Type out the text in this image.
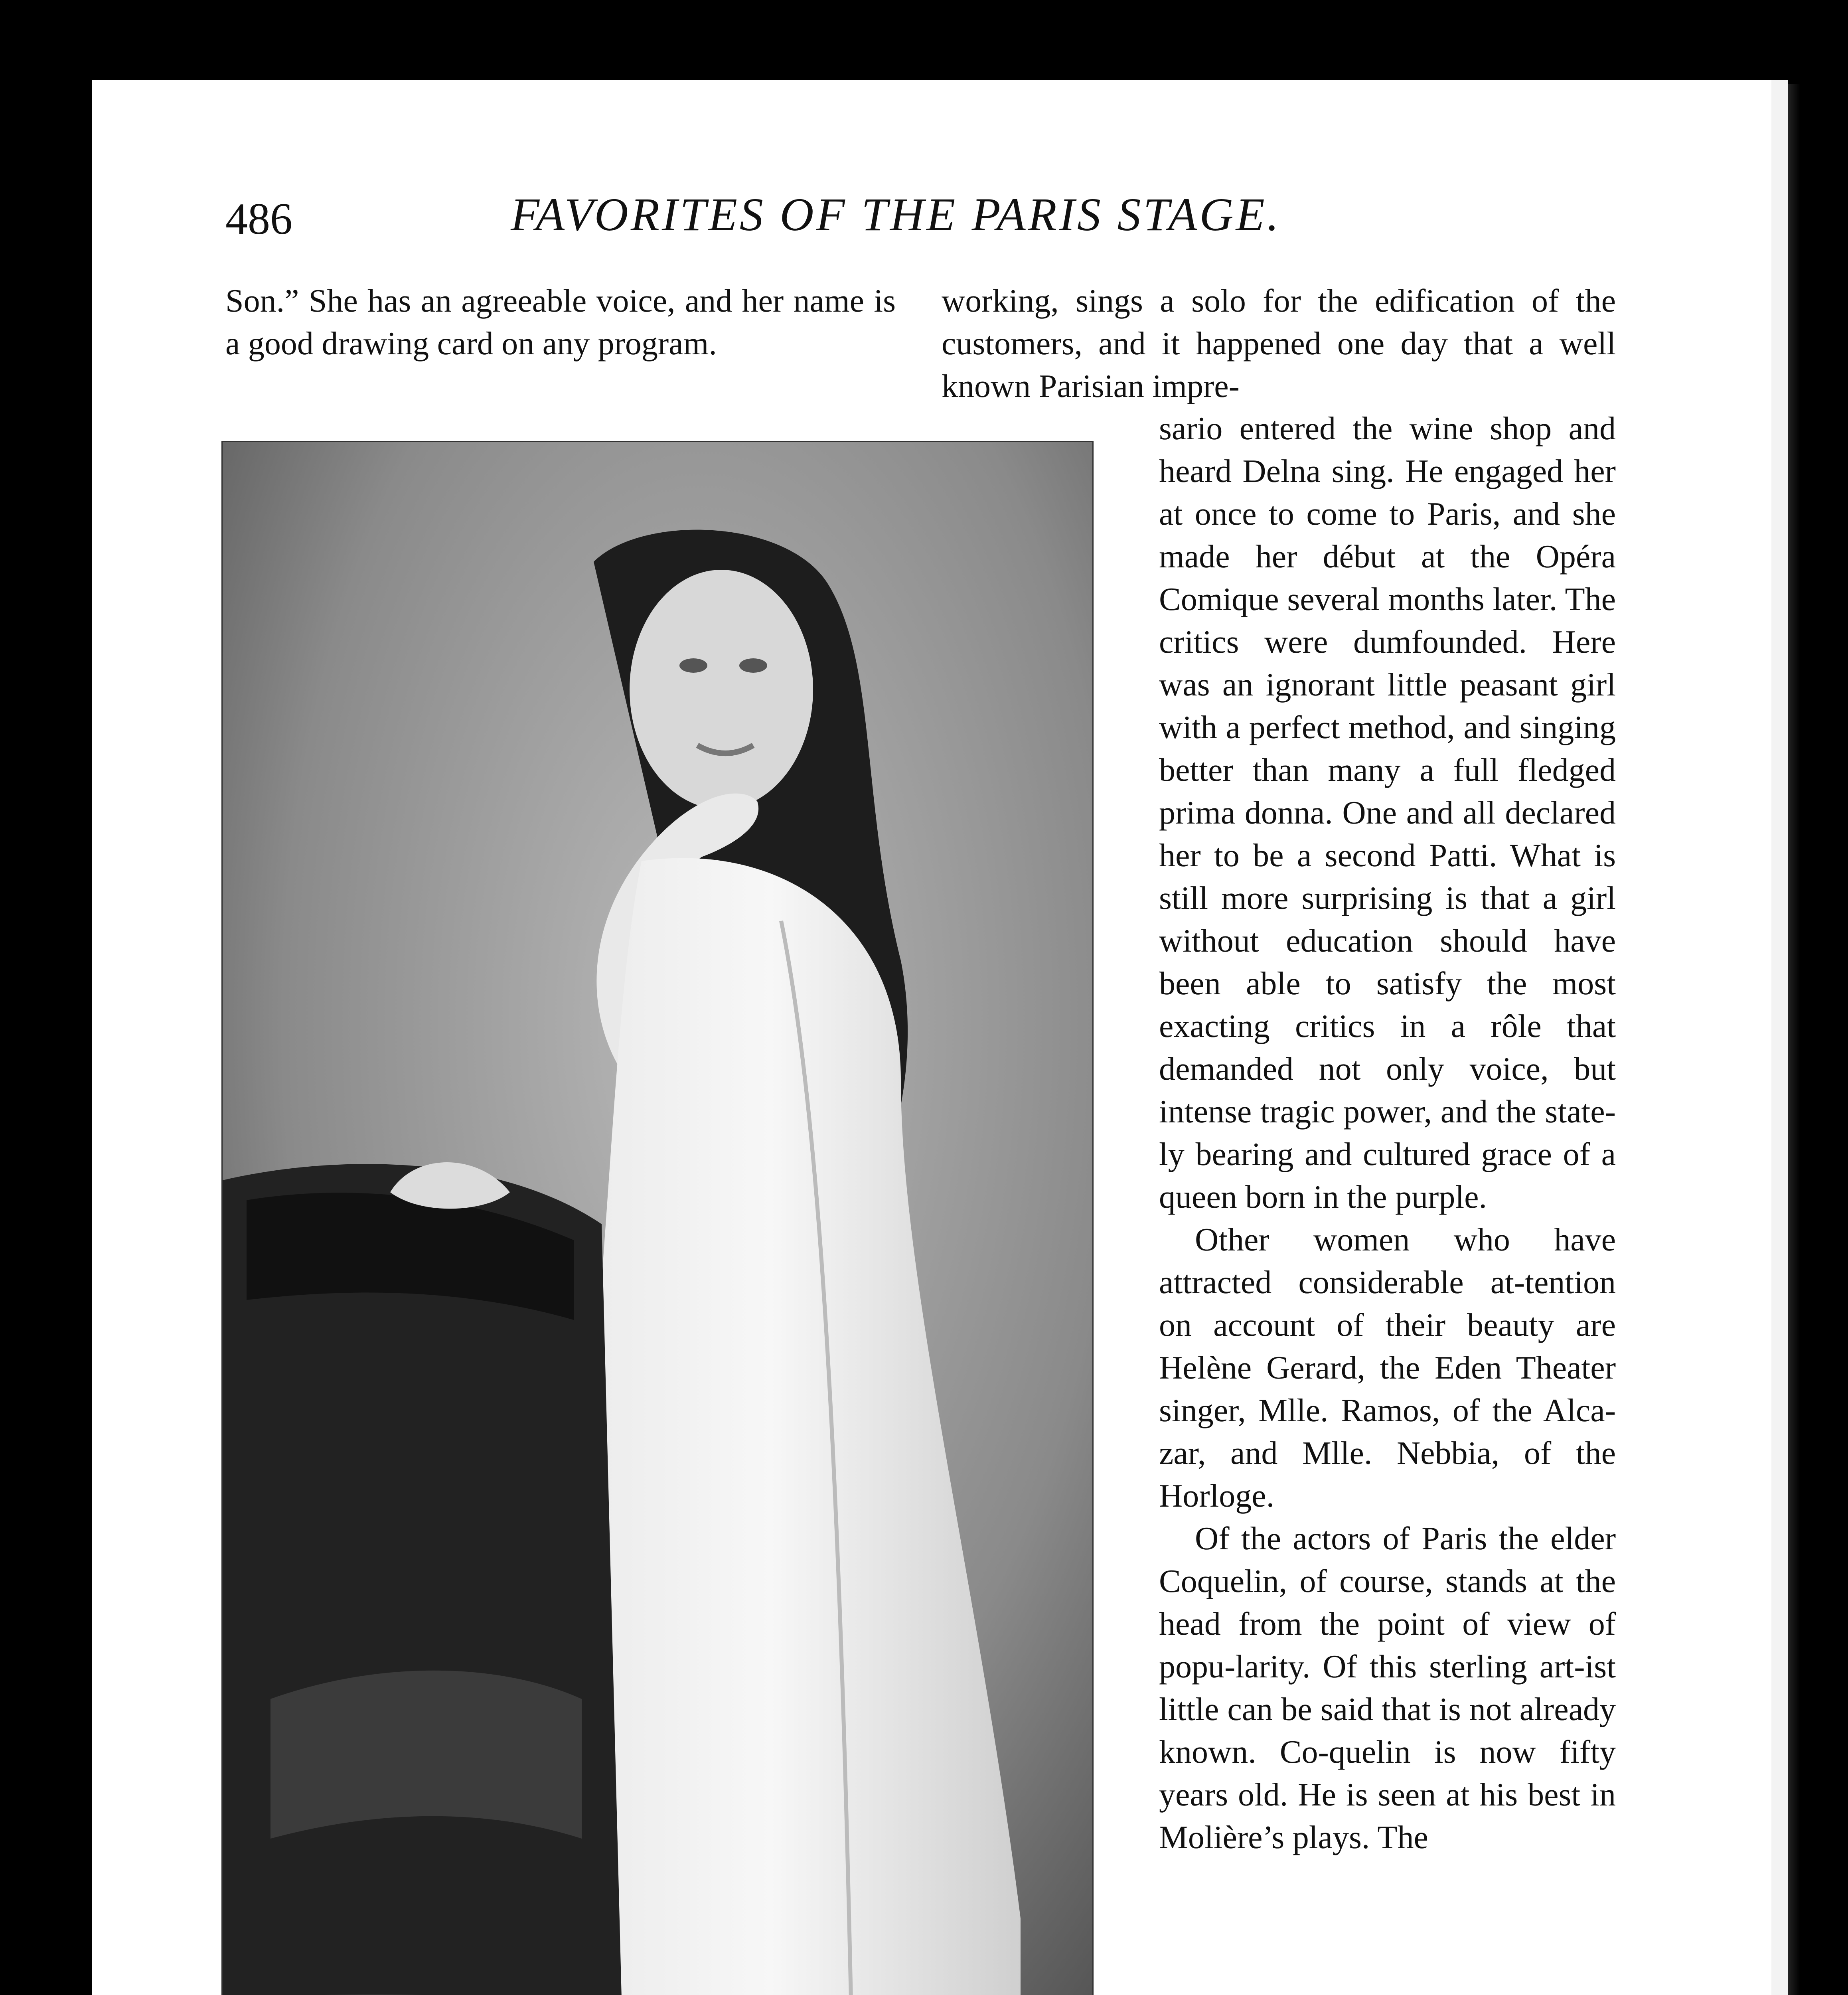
486	FAVORITES OF THE PARIS STAGE.

Son.” She has an agreeable voice, and her name is a good drawing card on any program.

working, sings a solo for the edification of the customers, and it happened one day that a well known Parisian impre-

sario entered the wine shop and heard Delna sing. He engaged her at once to come to Paris, and she made her début at the Opéra Comique several months later. The critics were dumfounded. Here was an ignorant little peasant girl with a perfect method, and singing better than many a full fledged prima donna. One and all declared her to be a second Patti. What is still more surprising is that a girl without education should have been able to satisfy the most exacting critics in a rôle that demanded not only voice, but intense tragic power, and the state-ly bearing and cultured grace of a queen born in the purple.

Other women who have attracted considerable at-tention on account of their beauty are Helène Gerard, the Eden Theater singer, Mlle. Ramos, of the Alca-zar, and Mlle. Nebbia, of the Horloge.

Of the actors of Paris the elder Coquelin, of course, stands at the head from the point of view of popu-larity. Of this sterling art-ist little can be said that is not already known. Co-quelin is now fifty years old. He is seen at his best in Molière’s plays. The
